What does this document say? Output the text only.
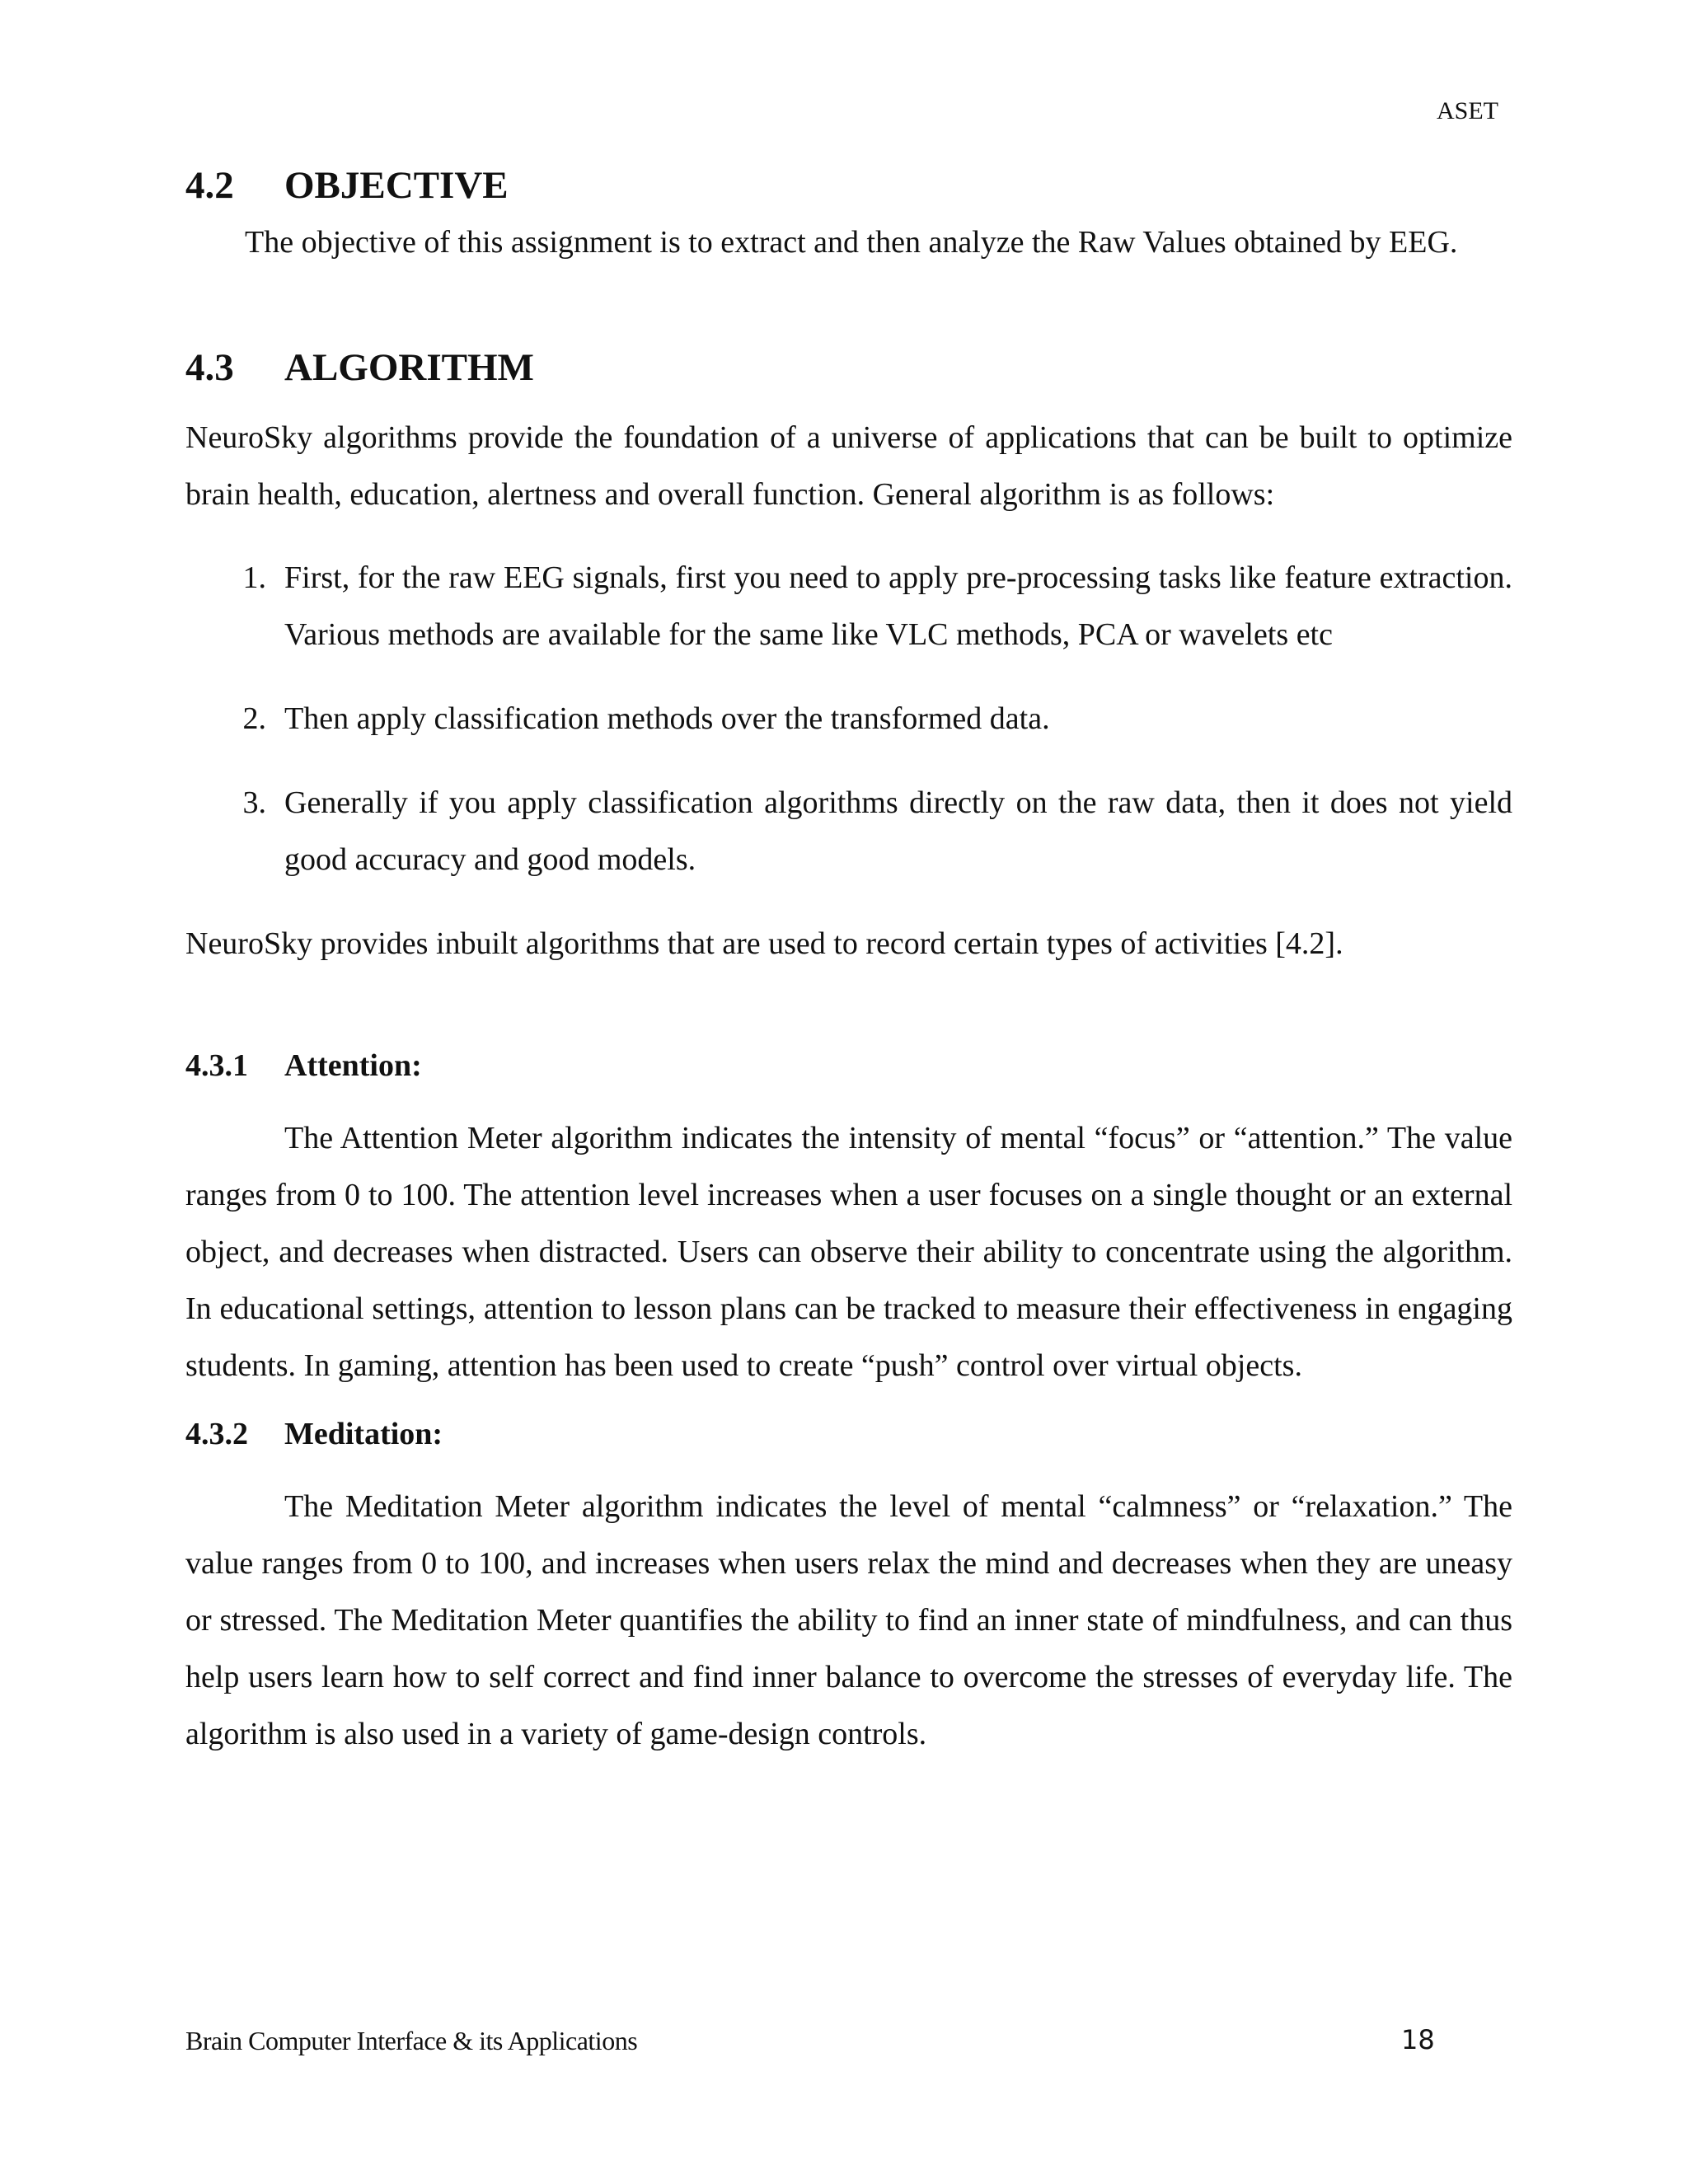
ASET
4.2	OBJECTIVE

The objective of this assignment is to extract and then analyze the Raw Values obtained by EEG.

4.3	ALGORITHM

NeuroSky algorithms provide the foundation of a universe of applications that can be built to optimize brain health, education, alertness and overall function. General algorithm is as follows:

1. First, for the raw EEG signals, first you need to apply pre-processing tasks like feature extraction. Various methods are available for the same like VLC methods, PCA or wavelets etc
2. Then apply classification methods over the transformed data.
3. Generally if you apply classification algorithms directly on the raw data, then it does not yield good accuracy and good models.

NeuroSky provides inbuilt algorithms that are used to record certain types of activities [4.2].

4.3.1	Attention:

The Attention Meter algorithm indicates the intensity of mental “focus” or “attention.” The value ranges from 0 to 100. The attention level increases when a user focuses on a single thought or an external object, and decreases when distracted. Users can observe their ability to concentrate using the algorithm. In educational settings, attention to lesson plans can be tracked to measure their effectiveness in engaging students. In gaming, attention has been used to create “push” control over virtual objects.

4.3.2	Meditation:

The Meditation Meter algorithm indicates the level of mental “calmness” or “relaxation.” The value ranges from 0 to 100, and increases when users relax the mind and decreases when they are uneasy or stressed. The Meditation Meter quantifies the ability to find an inner state of mindfulness, and can thus help users learn how to self correct and find inner balance to overcome the stresses of everyday life. The algorithm is also used in a variety of game-design controls.

Brain Computer Interface & its Applications	18
